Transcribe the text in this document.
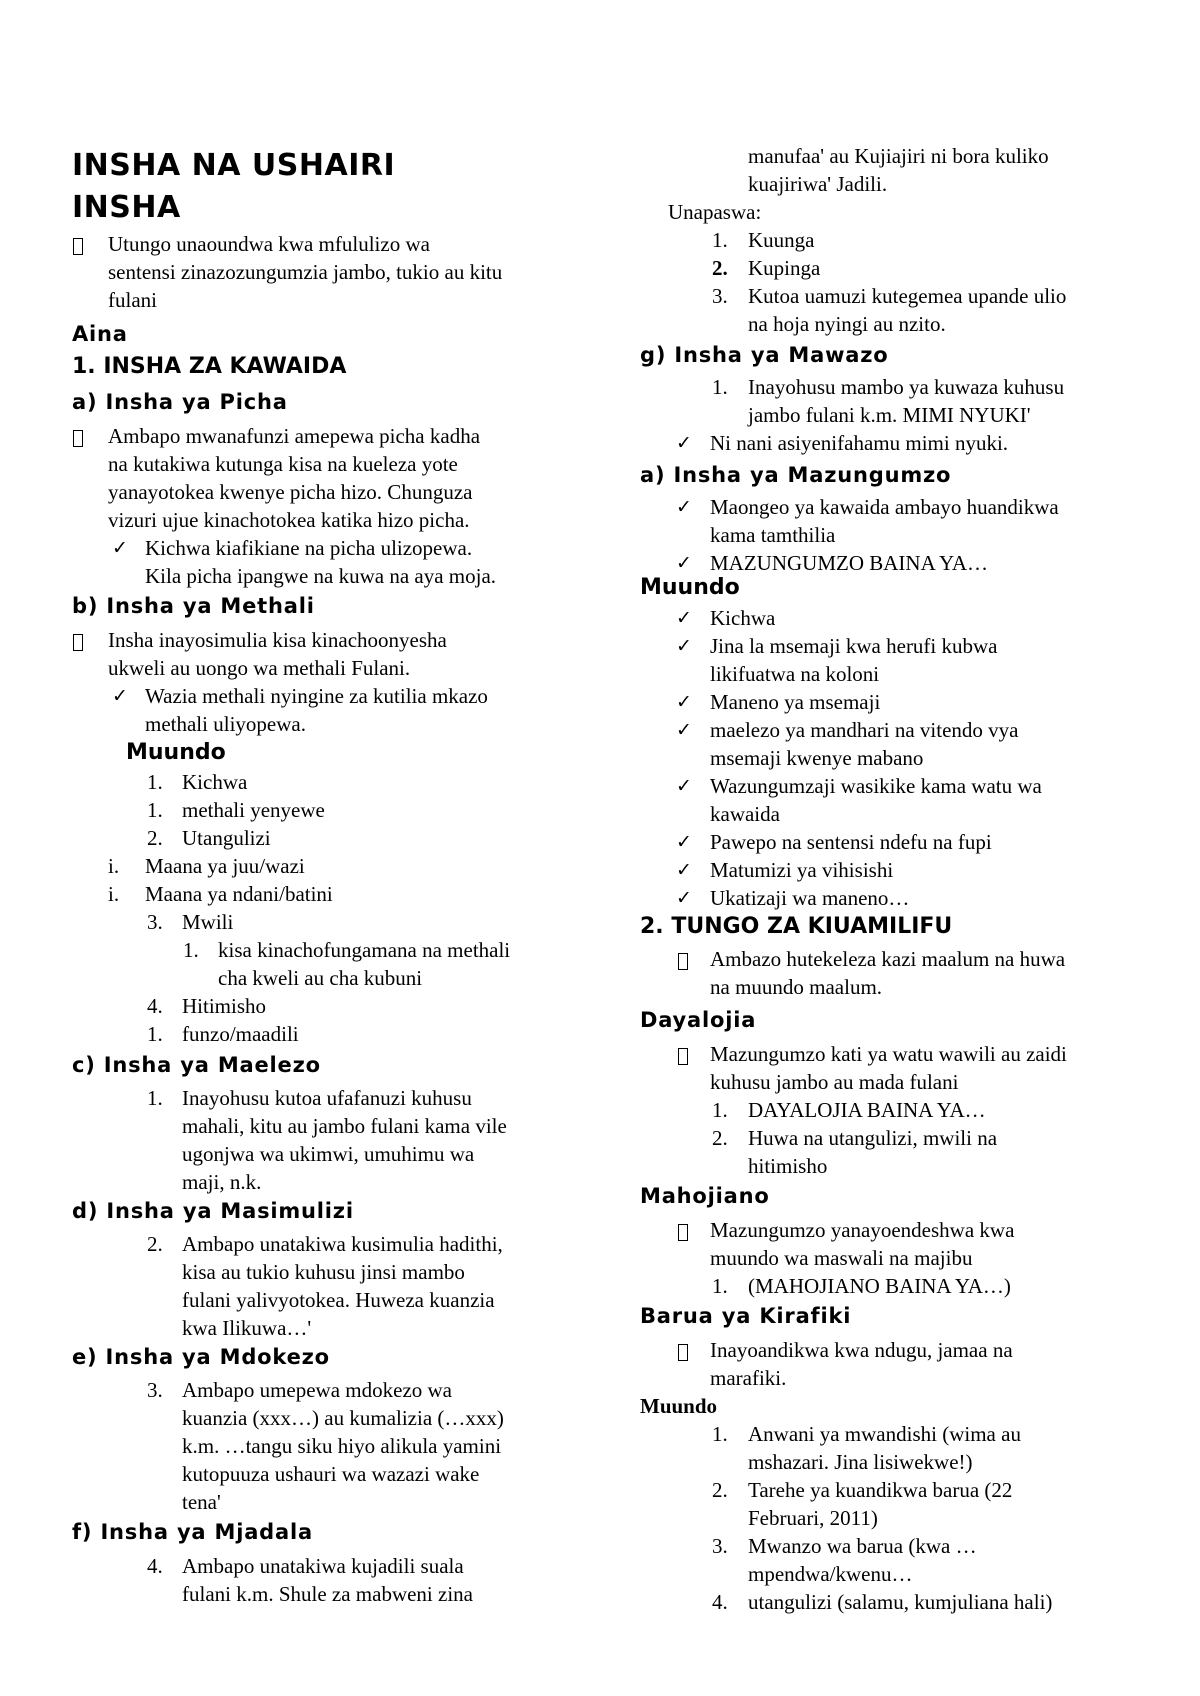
INSHA NA USHAIRI
INSHA
Utungo unaoundwa kwa mfululizo wa
sentensi zinazozungumzia jambo, tukio au kitu
fulani
Aina
1. INSHA ZA KAWAIDA
a) Insha ya Picha
Ambapo mwanafunzi amepewa picha kadha
na kutakiwa kutunga kisa na kueleza yote
yanayotokea kwenye picha hizo. Chunguza
vizuri ujue kinachotokea katika hizo picha.
✓ Kichwa kiafikiane na picha ulizopewa.
Kila picha ipangwe na kuwa na aya moja.
b) Insha ya Methali
Insha inayosimulia kisa kinachoonyesha
ukweli au uongo wa methali Fulani.
✓ Wazia methali nyingine za kutilia mkazo
methali uliyopewa.
Muundo
1. Kichwa
1. methali yenyewe
2. Utangulizi
i. Maana ya juu/wazi
i. Maana ya ndani/batini
3. Mwili
1. kisa kinachofungamana na methali
cha kweli au cha kubuni
4. Hitimisho
1. funzo/maadili
c) Insha ya Maelezo
1. Inayohusu kutoa ufafanuzi kuhusu
mahali, kitu au jambo fulani kama vile
ugonjwa wa ukimwi, umuhimu wa
maji, n.k.
d) Insha ya Masimulizi
2. Ambapo unatakiwa kusimulia hadithi,
kisa au tukio kuhusu jinsi mambo
fulani yalivyotokea. Huweza kuanzia
kwa Ilikuwa…'
e) Insha ya Mdokezo
3. Ambapo umepewa mdokezo wa
kuanzia (xxx…) au kumalizia (…xxx)
k.m. …tangu siku hiyo alikula yamini
kutopuuza ushauri wa wazazi wake
tena'
f) Insha ya Mjadala
4. Ambapo unatakiwa kujadili suala
fulani k.m. Shule za mabweni zina
manufaa' au Kujiajiri ni bora kuliko
kuajiriwa' Jadili.
Unapaswa:
1. Kuunga
2. Kupinga
3. Kutoa uamuzi kutegemea upande ulio
na hoja nyingi au nzito.
g) Insha ya Mawazo
1. Inayohusu mambo ya kuwaza kuhusu
jambo fulani k.m. MIMI NYUKI'
✓ Ni nani asiyenifahamu mimi nyuki.
a) Insha ya Mazungumzo
✓ Maongeo ya kawaida ambayo huandikwa
kama tamthilia
✓ MAZUNGUMZO BAINA YA…
Muundo
✓ Kichwa
✓ Jina la msemaji kwa herufi kubwa
likifuatwa na koloni
✓ Maneno ya msemaji
✓ maelezo ya mandhari na vitendo vya
msemaji kwenye mabano
✓ Wazungumzaji wasikike kama watu wa
kawaida
✓ Pawepo na sentensi ndefu na fupi
✓ Matumizi ya vihisishi
✓ Ukatizaji wa maneno…
2. TUNGO ZA KIUAMILIFU
Ambazo hutekeleza kazi maalum na huwa
na muundo maalum.
Dayalojia
Mazungumzo kati ya watu wawili au zaidi
kuhusu jambo au mada fulani
1. DAYALOJIA BAINA YA…
2. Huwa na utangulizi, mwili na
hitimisho
Mahojiano
Mazungumzo yanayoendeshwa kwa
muundo wa maswali na majibu
1. (MAHOJIANO BAINA YA…)
Barua ya Kirafiki
Inayoandikwa kwa ndugu, jamaa na
marafiki.
Muundo
1. Anwani ya mwandishi (wima au
mshazari. Jina lisiwekwe!)
2. Tarehe ya kuandikwa barua (22
Februari, 2011)
3. Mwanzo wa barua (kwa …
mpendwa/kwenu…
4. utangulizi (salamu, kumjuliana hali)
